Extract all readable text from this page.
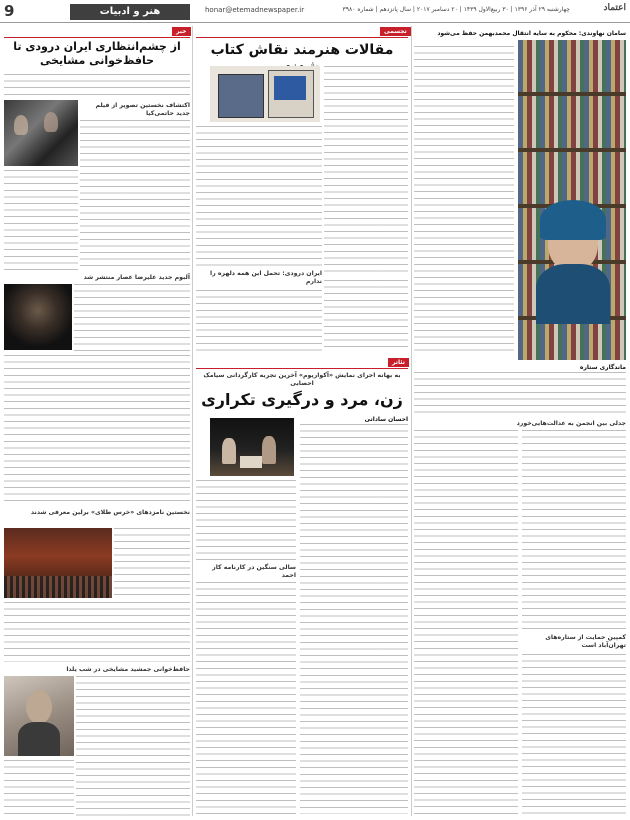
9	هنر و ادبیات	honar@etemadnewspaper.ir	چهارشنبه ۲۹ آذر ۱۳۹۶ | ۳۰ ربیع‌الاول ۱۴۳۹ | ۲۰ دسامبر ۲۰۱۷ | سال پانزدهم | شماره ۳۹۸۰	اعتماد
خبر

از چشم‌انتظاری ایران درودی تا حافظ‌خوانی مشایخی

اکتشاف نخستین تصویر از فیلم جدید حاتمی‌کیا

آلبوم جدید علیرضا عصار منتشر شد

نخستین نامزدهای «خرس طلای» برلین معرفی شدند

حافظ‌خوانی جمشید مشایخی در شب یلدا

تجسمی

مقالات هنرمند نقاش کتاب

ایران درودی: تحمل این همه دلهره را ندارم

تئاتر

به بهانه اجرای نمایش «آکواریوم» آخرین تجربه کارگردانی سیامک احصایی

زن، مرد و درگیری تکراری

احسان ساداتی

سالی سنگین در کارنامه کار احمد

سامان نهاوندی: محکوم به سایه انتقال محمدبهمن حفظ می‌شود

ماندگاری ستاره

جدلی بین انجمن به عدالت‌هایی‌خورد

کمپین حمایت از ستاره‌های تهران‌آباد است
